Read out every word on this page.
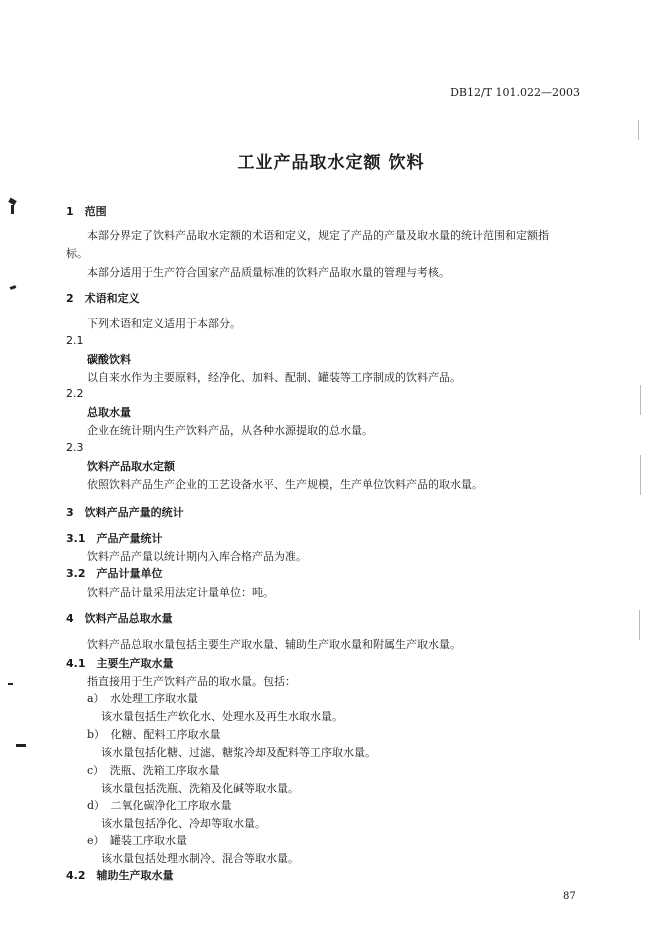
DB12/T 101.022—2003
工业产品取水定额 饮料
1　范围
本部分界定了饮料产品取水定额的术语和定义，规定了产品的产量及取水量的统计范围和定额指
标。
本部分适用于生产符合国家产品质量标准的饮料产品取水量的管理与考核。
2　术语和定义
下列术语和定义适用于本部分。
2.1
碳酸饮料
以自来水作为主要原料，经净化、加料、配制、罐装等工序制成的饮料产品。
2.2
总取水量
企业在统计期内生产饮料产品，从各种水源提取的总水量。
2.3
饮料产品取水定额
依照饮料产品生产企业的工艺设备水平、生产规模，生产单位饮料产品的取水量。
3　饮料产品产量的统计
3.1　产品产量统计
饮料产品产量以统计期内入库合格产品为准。
3.2　产品计量单位
饮料产品计量采用法定计量单位：吨。
4　饮料产品总取水量
饮料产品总取水量包括主要生产取水量、辅助生产取水量和附属生产取水量。
4.1　主要生产取水量
指直接用于生产饮料产品的取水量。包括：
a）　水处理工序取水量
该水量包括生产软化水、处理水及再生水取水量。
b）　化糖、配料工序取水量
该水量包括化糖、过滤、糖浆冷却及配料等工序取水量。
c）　洗瓶、洗箱工序取水量
该水量包括洗瓶、洗箱及化碱等取水量。
d）　二氧化碳净化工序取水量
该水量包括净化、冷却等取水量。
e）　罐装工序取水量
该水量包括处理水制冷、混合等取水量。
4.2　辅助生产取水量
87
